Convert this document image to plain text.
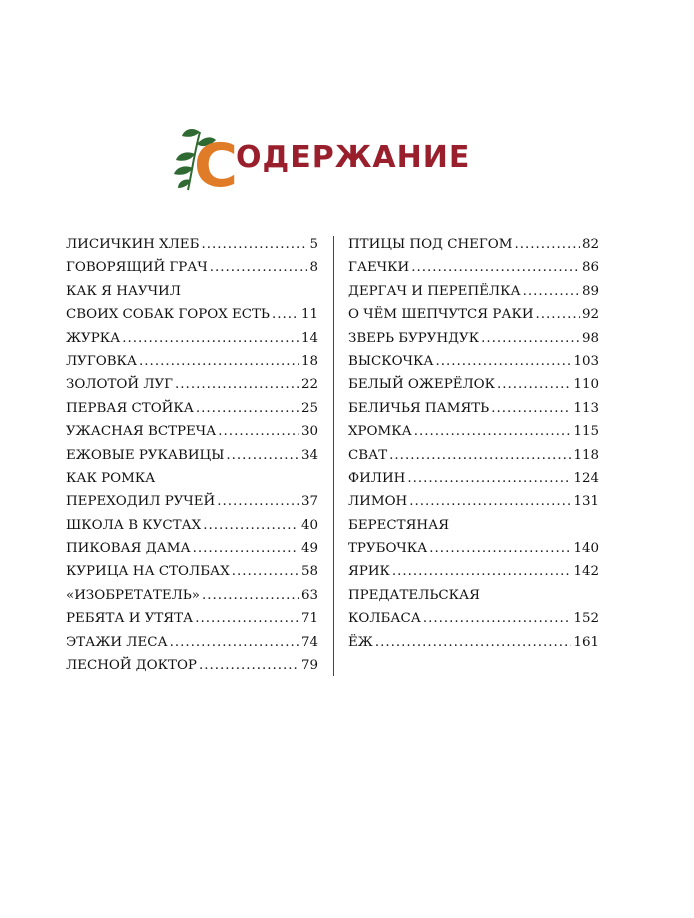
С
ОДЕРЖАНИЕ
ЛИСИЧКИН ХЛЕБ .....	5
ГОВОРЯЩИЙ ГРАЧ .....	8
КАК Я НАУЧИЛ
СВОИХ СОБАК ГОРОХ ЕСТЬ ..... 11
ЖУРКА .....	14
ЛУГОВКА .....	18
ЗОЛОТОЙ ЛУГ .....	22
ПЕРВАЯ СТОЙКА .....	25
УЖАСНАЯ ВСТРЕЧА .....	30
ЕЖОВЫЕ РУКАВИЦЫ .....	34
КАК РОМКА
ПЕРЕХОДИЛ РУЧЕЙ .....	37
ШКОЛА В КУСТАХ .....	40
ПИКОВАЯ ДАМА .....	49
КУРИЦА НА СТОЛБАХ .....	58
«ИЗОБРЕТАТЕЛЬ» .....	63
РЕБЯТА И УТЯТА .....	71
ЭТАЖИ ЛЕСА .....	74
ЛЕСНОЙ ДОКТОР .....	79
ПТИЦЫ ПОД СНЕГОМ .....	82
ГАЕЧКИ .....	86
ДЕРГАЧ И ПЕРЕПЁЛКА .....	89
О ЧЁМ ШЕПЧУТСЯ РАКИ .....	92
ЗВЕРЬ БУРУНДУК .....	98
ВЫСКОЧКА .....	103
БЕЛЫЙ ОЖЕРЁЛОК .....	110
БЕЛИЧЬЯ ПАМЯТЬ .....	113
ХРОМКА .....	115
СВАТ .....	118
ФИЛИН .....	124
ЛИМОН .....	131
БЕРЕСТЯНАЯ
ТРУБОЧКА .....	140
ЯРИК .....	142
ПРЕДАТЕЛЬСКАЯ
КОЛБАСА .....	152
ЁЖ .....	161
